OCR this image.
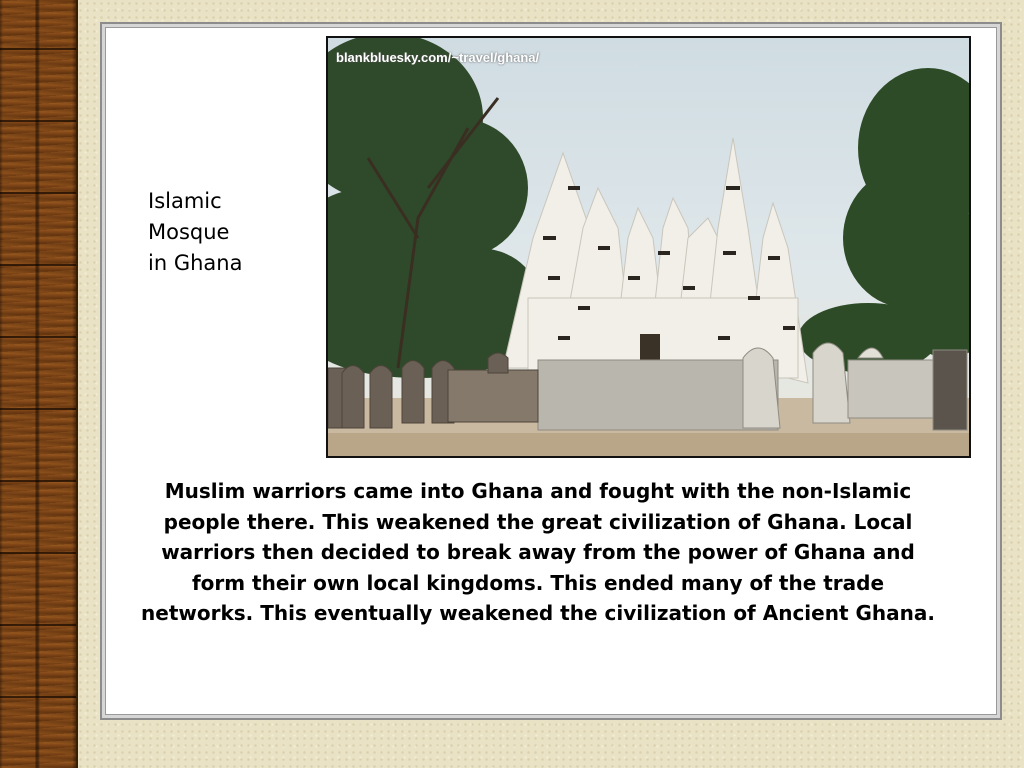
blankbluesky.com/~travel/ghana/
Islamic
Mosque
in Ghana
Muslim warriors came into Ghana and fought with the non-Islamic people there. This weakened the great civilization of Ghana. Local warriors then decided to break away from the power of Ghana and form their own local kingdoms. This ended many of the trade networks. This eventually weakened the civilization of Ancient Ghana.
